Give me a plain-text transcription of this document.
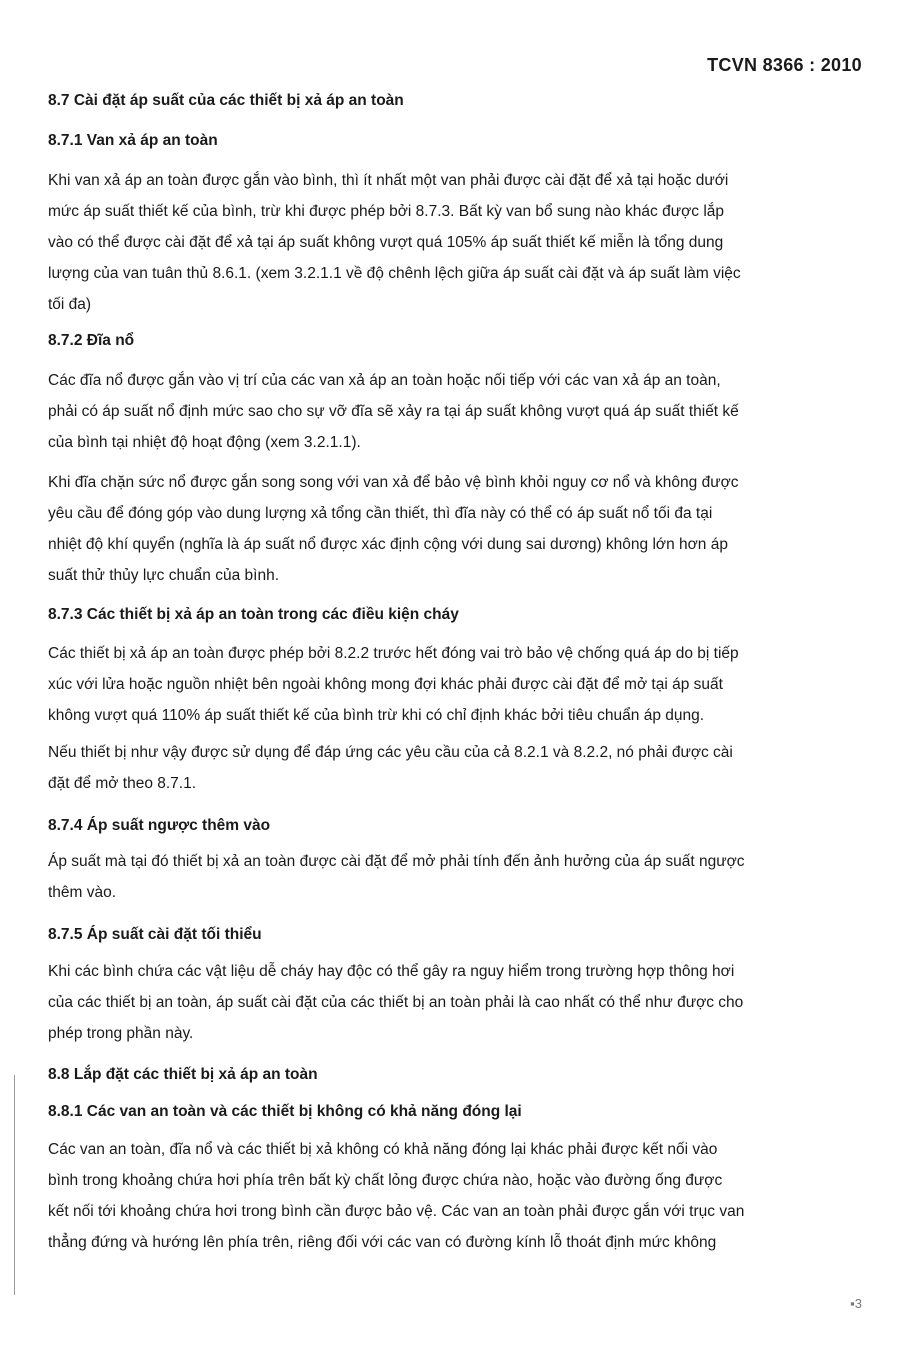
TCVN 8366 : 2010
8.7 Cài đặt áp suất của các thiết bị xả áp an toàn
8.7.1 Van xả áp an toàn
Khi van xả áp an toàn được gắn vào bình, thì ít nhất một van phải được cài đặt để xả tại hoặc dưới
mức áp suất thiết kế của bình, trừ khi được phép bởi 8.7.3. Bất kỳ van bổ sung nào khác được lắp
vào có thể được cài đặt để xả tại áp suất không vượt quá 105% áp suất thiết kế miễn là tổng dung
lượng của van tuân thủ 8.6.1. (xem 3.2.1.1 về độ chênh lệch giữa áp suất cài đặt và áp suất làm việc
tối đa)
8.7.2 Đĩa nổ
Các đĩa nổ được gắn vào vị trí của các van xả áp an toàn hoặc nối tiếp với các van xả áp an toàn,
phải có áp suất nổ định mức sao cho sự vỡ đĩa sẽ xảy ra tại áp suất không vượt quá áp suất thiết kế
của bình tại nhiệt độ hoạt động (xem 3.2.1.1).
Khi đĩa chặn sức nổ được gắn song song với van xả để bảo vệ bình khỏi nguy cơ nổ và không được
yêu cầu để đóng góp vào dung lượng xả tổng cần thiết, thì đĩa này có thể có áp suất nổ tối đa tại
nhiệt độ khí quyển (nghĩa là áp suất nổ được xác định cộng với dung sai dương) không lớn hơn áp
suất thử thủy lực chuẩn của bình.
8.7.3 Các thiết bị xả áp an toàn trong các điều kiện cháy
Các thiết bị xả áp an toàn được phép bởi 8.2.2 trước hết đóng vai trò bảo vệ chống quá áp do bị tiếp
xúc với lửa hoặc nguồn nhiệt bên ngoài không mong đợi khác phải được cài đặt để mở tại áp suất
không vượt quá 110% áp suất thiết kế của bình trừ khi có chỉ định khác bởi tiêu chuẩn áp dụng.
Nếu thiết bị như vậy được sử dụng để đáp ứng các yêu cầu của cả 8.2.1 và 8.2.2, nó phải được cài
đặt để mở theo 8.7.1.
8.7.4 Áp suất ngược thêm vào
Áp suất mà tại đó thiết bị xả an toàn được cài đặt để mở phải tính đến ảnh hưởng của áp suất ngược
thêm vào.
8.7.5 Áp suất cài đặt tối thiểu
Khi các bình chứa các vật liệu dễ cháy hay độc có thể gây ra nguy hiểm trong trường hợp thông hơi
của các thiết bị an toàn, áp suất cài đặt của các thiết bị an toàn phải là cao nhất có thể như được cho
phép trong phần này.
8.8 Lắp đặt các thiết bị xả áp an toàn
8.8.1 Các van an toàn và các thiết bị không có khả năng đóng lại
Các van an toàn, đĩa nổ và các thiết bị xả không có khả năng đóng lại khác phải được kết nối vào
bình trong khoảng chứa hơi phía trên bất kỳ chất lỏng được chứa nào, hoặc vào đường ống được
kết nối tới khoảng chứa hơi trong bình cần được bảo vệ. Các van an toàn phải được gắn với trục van
thẳng đứng và hướng lên phía trên, riêng đối với các van có đường kính lỗ thoát định mức không
▪3
